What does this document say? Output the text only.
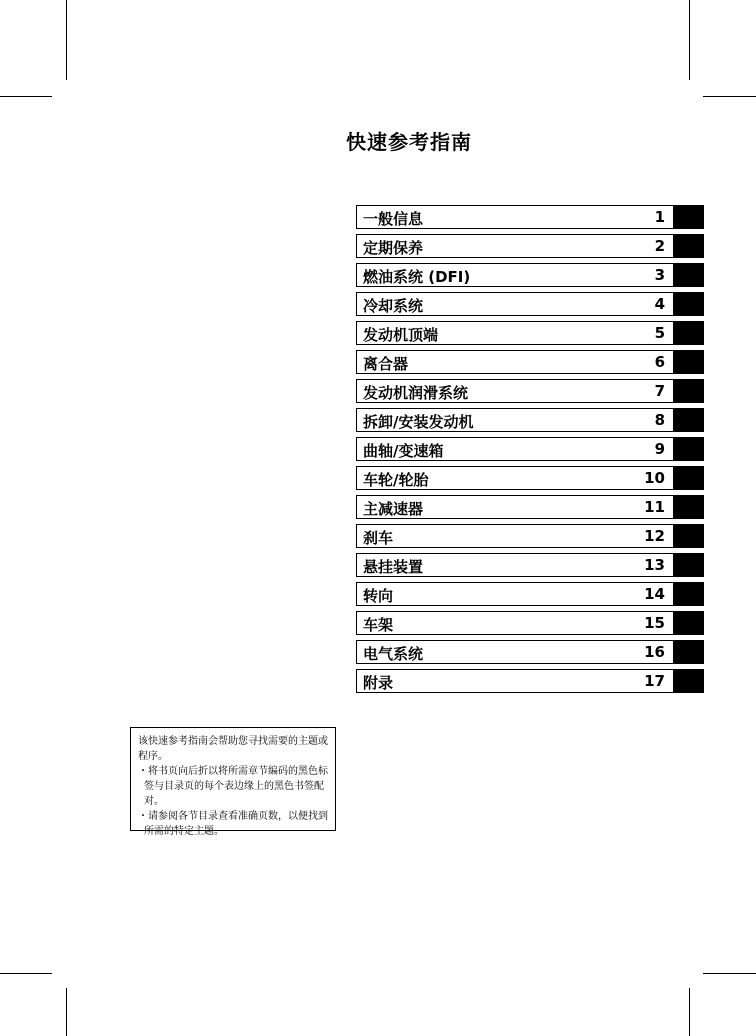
快速参考指南
一般信息	1
定期保养	2
燃油系统 (DFI)	3
冷却系统	4
发动机顶端	5
离合器	6
发动机润滑系统	7
拆卸/安装发动机	8
曲轴/变速箱	9
车轮/轮胎	10
主减速器	11
刹车	12
悬挂装置	13
转向	14
车架	15
电气系统	16
附录	17

该快速参考指南会帮助您寻找需要的主题或程序。

・将书页向后折以将所需章节编码的黑色标签与目录页的每个表边缘上的黑色书签配对。
・请参阅各节目录查看准确页数，以便找到所需的特定主题。
